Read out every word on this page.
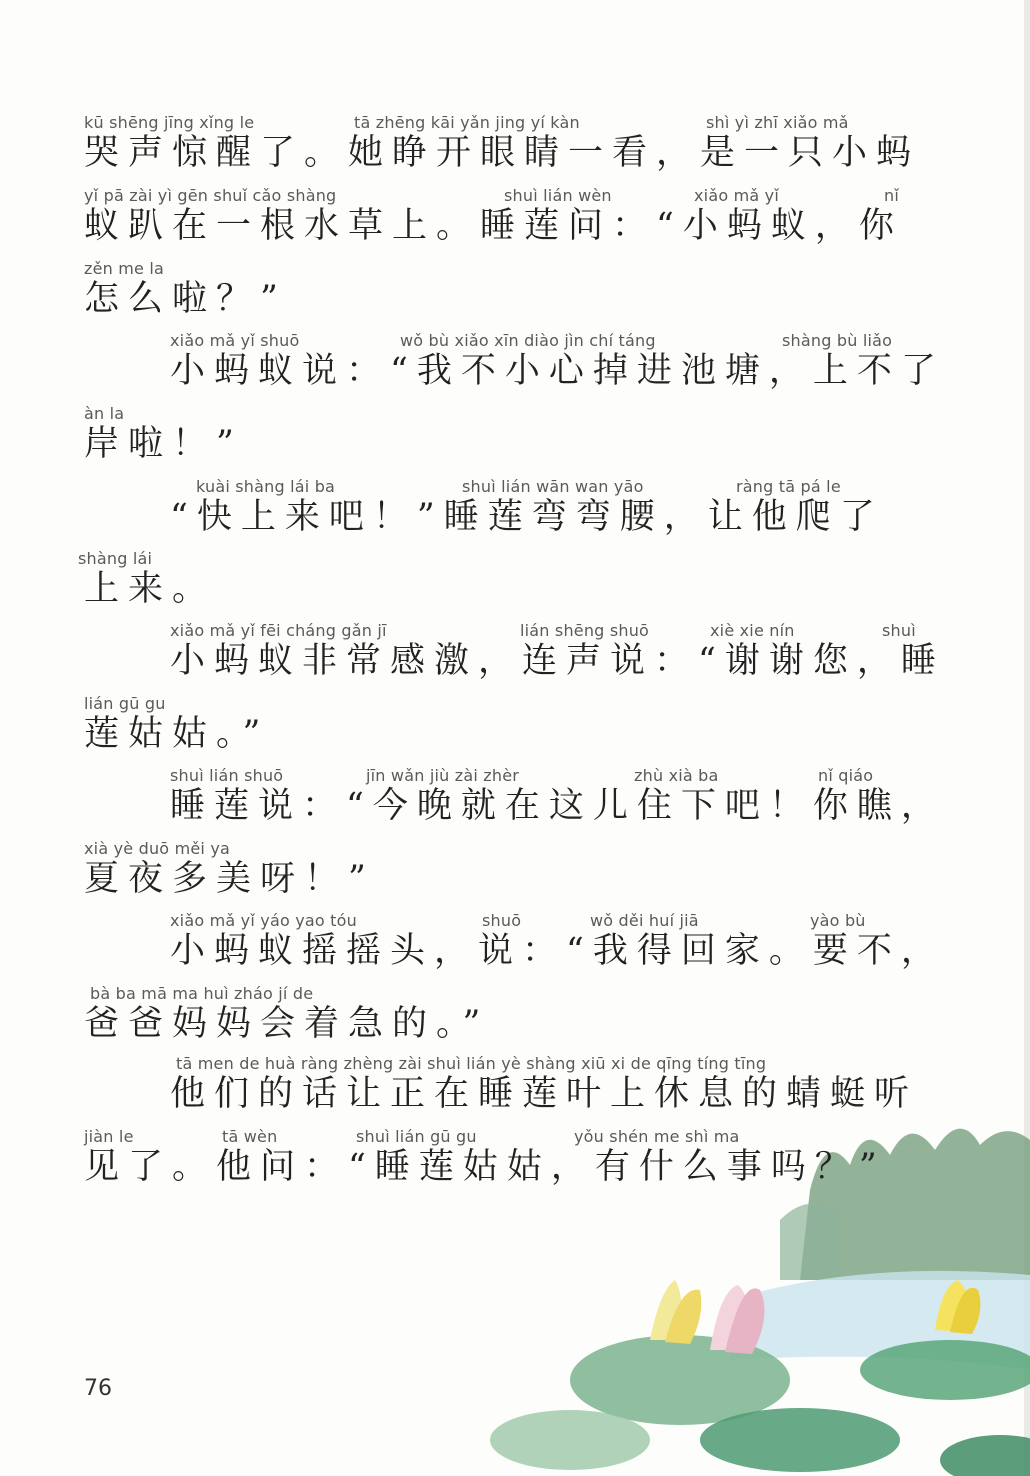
kū shēng jīng xǐng le	tā zhēng kāi yǎn jing yí kàn	shì yì zhī xiǎo mǎ
哭声惊醒了。她睁开眼睛一看，是一只小蚂
yǐ pā zài yì gēn shuǐ cǎo shàng	shuì lián wèn	xiǎo mǎ yǐ	nǐ
蚁趴在一根水草上。睡莲问：“小蚂蚁，你
zěn me la
怎么啦？”
xiǎo mǎ yǐ shuō	wǒ bù xiǎo xīn diào jìn chí táng	shàng bù liǎo
小蚂蚁说：“我不小心掉进池塘，上不了
àn la
岸啦！”
kuài shàng lái ba	shuì lián wān wan yāo	ràng tā pá le
“快上来吧！”睡莲弯弯腰，让他爬了
shàng lái
上来。
xiǎo mǎ yǐ fēi cháng gǎn jī	lián shēng shuō	xiè xie nín	shuì
小蚂蚁非常感激，连声说：“谢谢您，睡
lián gū gu
莲姑姑。”
shuì lián shuō	jīn wǎn jiù zài zhèr	zhù xià ba	nǐ qiáo
睡莲说：“今晚就在这儿住下吧！你瞧，
xià yè duō měi ya
夏夜多美呀！”
xiǎo mǎ yǐ yáo yao tóu	shuō	wǒ děi huí jiā	yào bù
小蚂蚁摇摇头，说：“我得回家。要不，
bà ba mā ma huì zháo jí de
爸爸妈妈会着急的。”
tā men de huà ràng zhèng zài shuì lián yè shàng xiū xi de qīng tíng tīng
他们的话让正在睡莲叶上休息的蜻蜓听
jiàn le	tā wèn	shuì lián gū gu	yǒu shén me shì ma
见了。他问：“睡莲姑姑，有什么事吗？”
76
